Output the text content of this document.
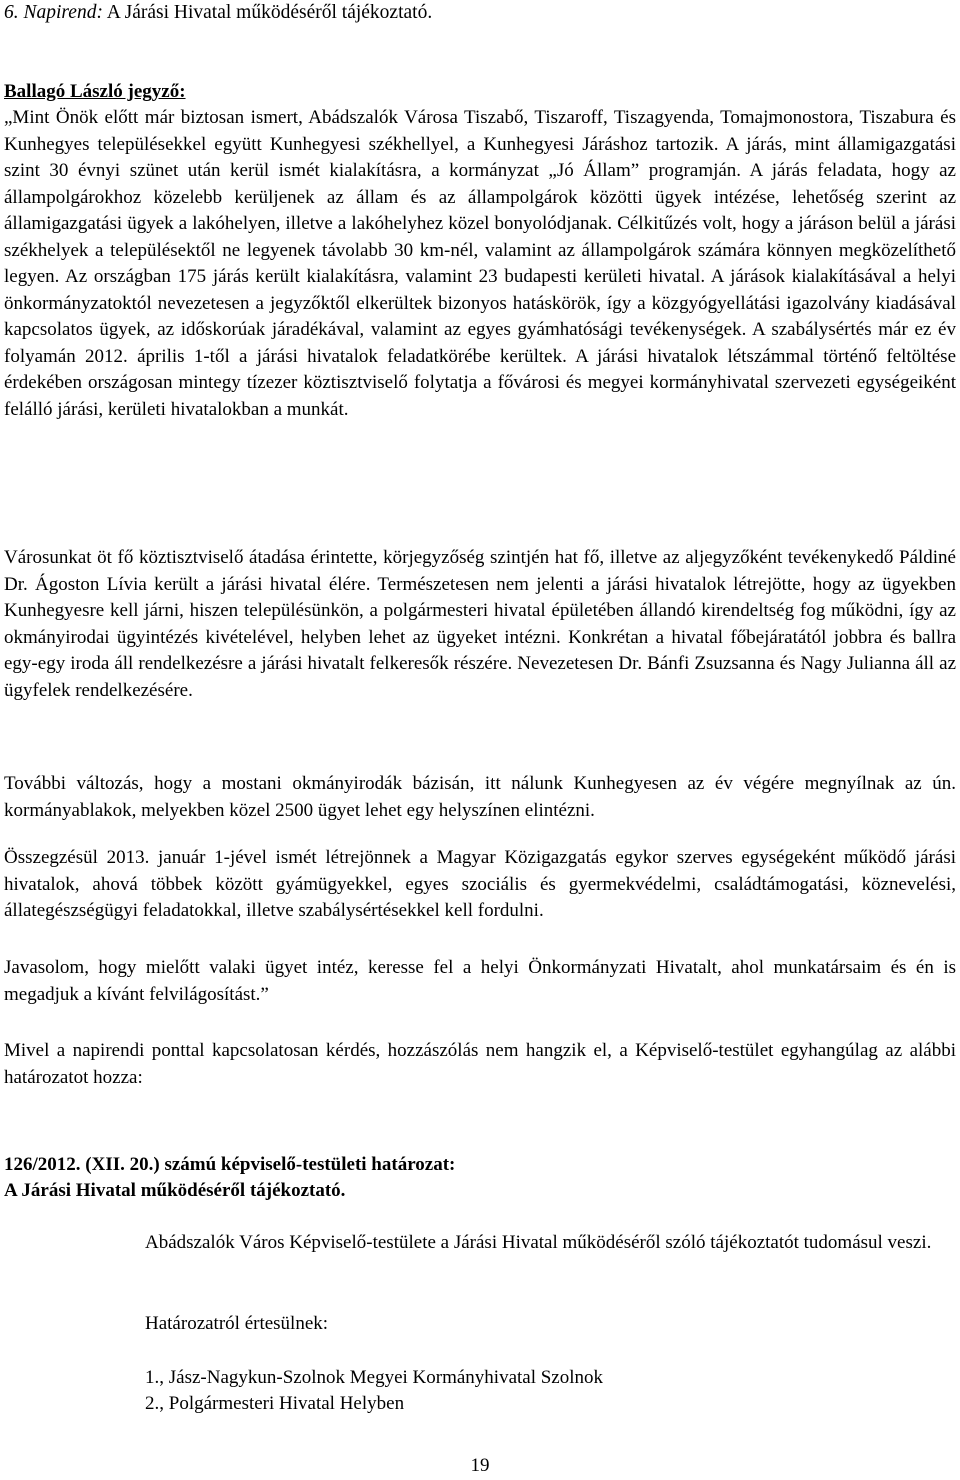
6. Napirend: A Járási Hivatal működéséről tájékoztató.
Ballagó László jegyző:

„Mint Önök előtt már biztosan ismert, Abádszalók Városa Tiszabő, Tiszaroff, Tiszagyenda, Tomajmonostora, Tiszabura és Kunhegyes településekkel együtt Kunhegyesi székhellyel, a Kunhegyesi Járáshoz tartozik. A járás, mint államigazgatási szint 30 évnyi szünet után kerül ismét kialakításra, a kormányzat „Jó Állam” programján. A járás feladata, hogy az állampolgárokhoz közelebb kerüljenek az állam és az állampolgárok közötti ügyek intézése, lehetőség szerint az államigazgatási ügyek a lakóhelyen, illetve a lakóhelyhez közel bonyolódjanak. Célkitűzés volt, hogy a járáson belül a járási székhelyek a településektől ne legyenek távolabb 30 km-nél, valamint az állampolgárok számára könnyen megközelíthető legyen. Az országban 175 járás került kialakításra, valamint 23 budapesti kerületi hivatal. A járások kialakításával a helyi önkormányzatoktól nevezetesen a jegyzőktől elkerültek bizonyos hatáskörök, így a közgyógyellátási igazolvány kiadásával kapcsolatos ügyek, az időskorúak járadékával, valamint az egyes gyámhatósági tevékenységek. A szabálysértés már ez év folyamán 2012. április 1-től a járási hivatalok feladatkörébe kerültek. A járási hivatalok létszámmal történő feltöltése érdekében országosan mintegy tízezer köztisztviselő folytatja a fővárosi és megyei kormányhivatal szervezeti egységeiként felálló járási, kerületi hivatalokban a munkát.

Városunkat öt fő köztisztviselő átadása érintette, körjegyzőség szintjén hat fő, illetve az aljegyzőként tevékenykedő Páldiné Dr. Ágoston Lívia került a járási hivatal élére. Természetesen nem jelenti a járási hivatalok létrejötte, hogy az ügyekben Kunhegyesre kell járni, hiszen településünkön, a polgármesteri hivatal épületében állandó kirendeltség fog működni, így az okmányirodai ügyintézés kivételével, helyben lehet az ügyeket intézni. Konkrétan a hivatal főbejáratától jobbra és ballra egy-egy iroda áll rendelkezésre a járási hivatalt felkeresők részére. Nevezetesen Dr. Bánfi Zsuzsanna és Nagy Julianna áll az ügyfelek rendelkezésére.

További változás, hogy a mostani okmányirodák bázisán, itt nálunk Kunhegyesen az év végére megnyílnak az ún. kormányablakok, melyekben közel 2500 ügyet lehet egy helyszínen elintézni.

Összegzésül 2013. január 1-jével ismét létrejönnek a Magyar Közigazgatás egykor szerves egységeként működő járási hivatalok, ahová többek között gyámügyekkel, egyes szociális és gyermekvédelmi, családtámogatási, köznevelési, állategészségügyi feladatokkal, illetve szabálysértésekkel kell fordulni.

Javasolom, hogy mielőtt valaki ügyet intéz, keresse fel a helyi Önkormányzati Hivatalt, ahol munkatársaim és én is megadjuk a kívánt felvilágosítást.”

Mivel a napirendi ponttal kapcsolatosan kérdés, hozzászólás nem hangzik el, a Képviselő-testület egyhangúlag az alábbi határozatot hozza:

126/2012. (XII. 20.) számú képviselő-testületi határozat:
A Járási Hivatal működéséről tájékoztató.

Abádszalók Város Képviselő-testülete a Járási Hivatal működéséről szóló tájékoztatót tudomásul veszi.

Határozatról értesülnek:
1., Jász-Nagykun-Szolnok Megyei Kormányhivatal Szolnok
2., Polgármesteri Hivatal Helyben
19
